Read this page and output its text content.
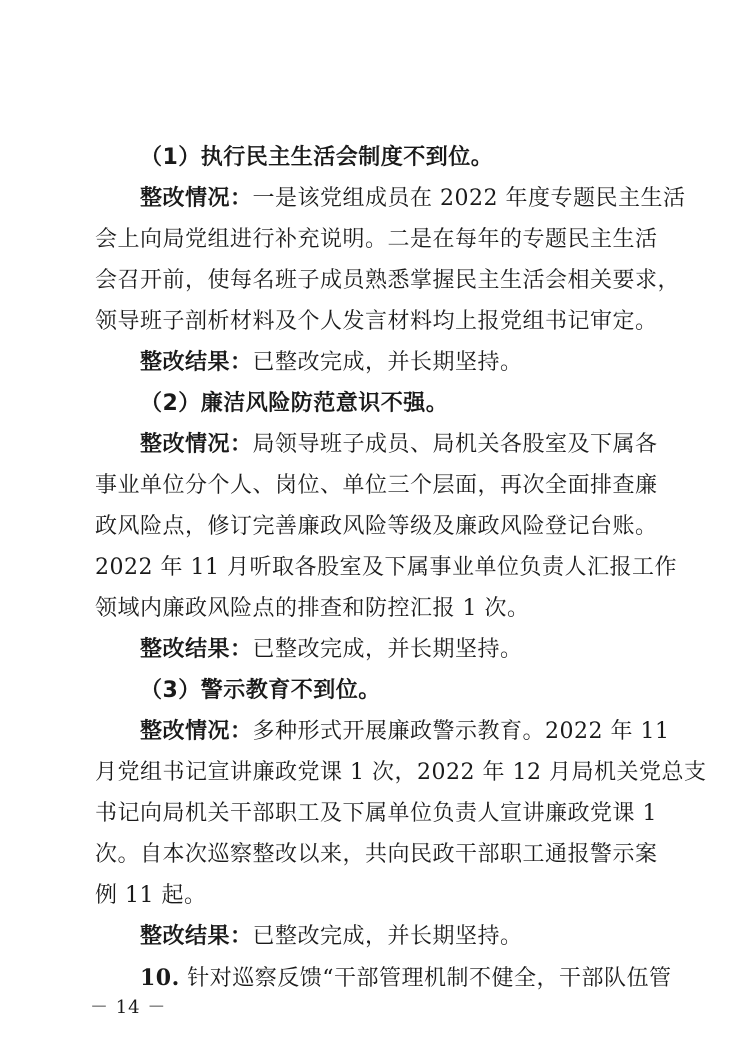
（1）执行民主生活会制度不到位。
整改情况：一是该党组成员在 2022 年度专题民主生活
会上向局党组进行补充说明。二是在每年的专题民主生活
会召开前，使每名班子成员熟悉掌握民主生活会相关要求，
领导班子剖析材料及个人发言材料均上报党组书记审定。
整改结果：已整改完成，并长期坚持。
（2）廉洁风险防范意识不强。
整改情况：局领导班子成员、局机关各股室及下属各
事业单位分个人、岗位、单位三个层面，再次全面排查廉
政风险点，修订完善廉政风险等级及廉政风险登记台账。
2022 年 11 月听取各股室及下属事业单位负责人汇报工作
领域内廉政风险点的排查和防控汇报 1 次。
整改结果：已整改完成，并长期坚持。
（3）警示教育不到位。
整改情况：多种形式开展廉政警示教育。2022 年 11
月党组书记宣讲廉政党课 1 次，2022 年 12 月局机关党总支
书记向局机关干部职工及下属单位负责人宣讲廉政党课 1
次。自本次巡察整改以来，共向民政干部职工通报警示案
例 11 起。
整改结果：已整改完成，并长期坚持。
10. 针对巡察反馈“干部管理机制不健全，干部队伍管
－ 14 －
